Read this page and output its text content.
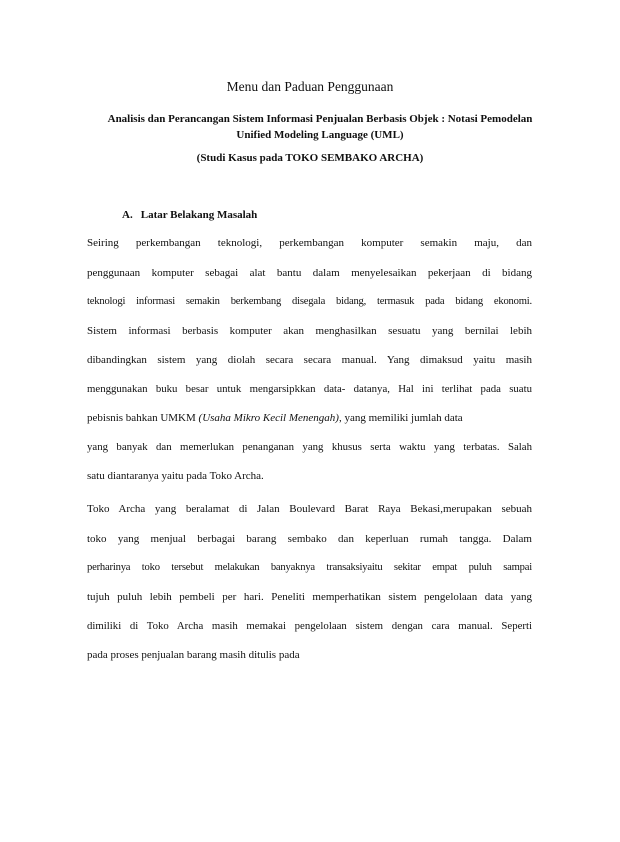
Menu dan Paduan Penggunaan

Analisis dan Perancangan Sistem Informasi Penjualan Berbasis Objek : Notasi Pemodelan Unified Modeling Language (UML)

(Studi Kasus pada TOKO SEMBAKO ARCHA)

A. Latar Belakang Masalah

Seiring perkembangan teknologi, perkembangan komputer semakin maju, dan

penggunaan komputer sebagai alat bantu dalam menyelesaikan pekerjaan di bidang

teknologi informasi semakin berkembang disegala bidang, termasuk pada bidang ekonomi.

Sistem informasi berbasis komputer akan menghasilkan sesuatu yang bernilai lebih

dibandingkan sistem yang diolah secara secara manual. Yang dimaksud yaitu masih

menggunakan buku besar untuk mengarsipkkan data- datanya, Hal ini terlihat pada suatu

pebisnis bahkan UMKM (Usaha Mikro Kecil Menengah), yang memiliki jumlah data

yang banyak dan memerlukan penanganan yang khusus serta waktu yang terbatas. Salah

satu diantaranya yaitu pada Toko Archa.

Toko Archa yang beralamat di Jalan Boulevard Barat Raya Bekasi,merupakan sebuah

toko yang menjual berbagai barang sembako dan keperluan rumah tangga. Dalam

perharinya toko tersebut melakukan banyaknya transaksiyaitu sekitar empat puluh sampai

tujuh puluh lebih pembeli per hari. Peneliti memperhatikan sistem pengelolaan data yang

dimiliki di Toko Archa masih memakai pengelolaan sistem dengan cara manual. Seperti

pada proses penjualan barang masih ditulis pada
